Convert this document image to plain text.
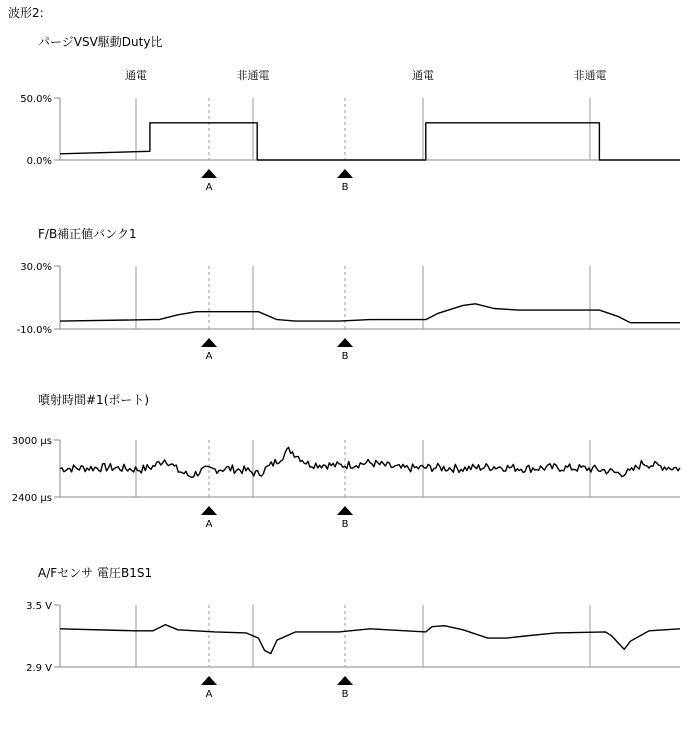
波形2:
通電	非通電	通電	非通電
パージVSV駆動Duty比
50.0%
0.0%
A	B
F/B補正値バンク1
30.0%
-10.0%
A	B
噴射時間#1(ポート)
3000 μs
2400 μs
A	B
A/Fセンサ 電圧B1S1
3.5 V
2.9 V
A	B
